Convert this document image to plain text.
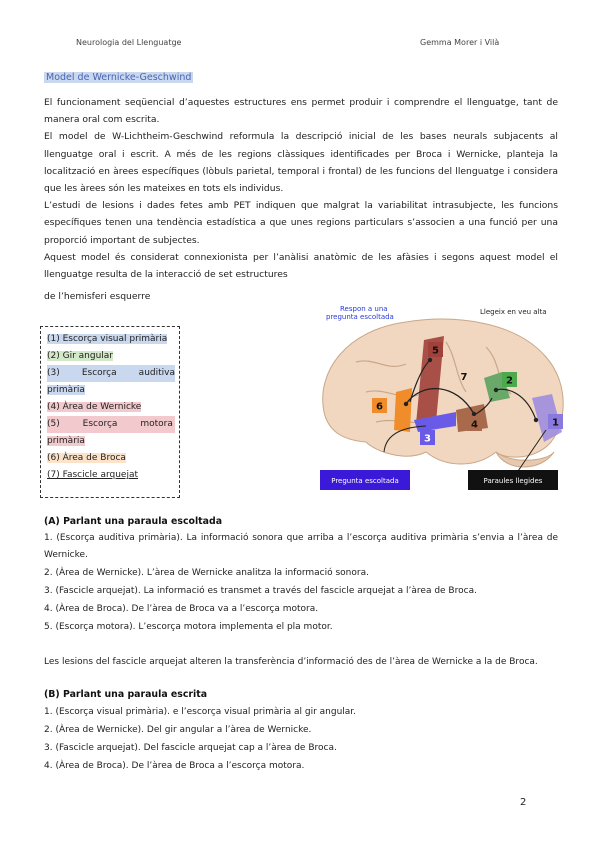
Neurologia del Llenguatge	Gemma Morer i Vilà
Model de Wernicke-Geschwind

El funcionament seqüencial d’aquestes estructures ens permet produir i comprendre el llenguatge, tant de manera oral com escrita.

El model de W-Lichtheim-Geschwind reformula la descripció inicial de les bases neurals subjacents al llenguatge oral i escrit. A més de les regions clàssiques identificades per Broca i Wernicke, planteja la localització en àrees específiques (lòbuls parietal, temporal i frontal) de les funcions del llenguatge i considera que les àrees són les mateixes en tots els individus.

L’estudi de lesions i dades fetes amb PET indiquen que malgrat la variabilitat intrasubjecte, les funcions específiques tenen una tendència estadística a que unes regions particulars s’associen a una funció per una proporció important de subjectes.

Aquest model és considerat connexionista per l’anàlisi anatòmic de les afàsies i segons aquest model el llenguatge resulta de la interacció de set estructures

de l’hemisferi esquerre
(1) Escorça visual primària
(2) Gir angular
(3)      Escorça      auditiva
primària
(4) Àrea de Wernicke
(5)        Escorça        motora
primària
(6) Àrea de Broca
(7) Fascicle arquejat
5
2
6
4	1
3
7
Respon a una
pregunta escoltada
Llegeix en veu alta
Pregunta escoltada	Paraules llegides
(A) Parlant una paraula escoltada
1. (Escorça auditiva primària). La informació sonora que arriba a l’escorça auditiva primària s’envia a l’àrea de Wernicke.
2. (Àrea de Wernicke). L’àrea de Wernicke analitza la informació sonora.
3. (Fascicle arquejat). La informació es transmet a través del fascicle arquejat a l’àrea de Broca.
4. (Àrea de Broca). De l’àrea de Broca va a l’escorça motora.
5. (Escorça motora). L’escorça motora implementa el pla motor.
Les lesions del fascicle arquejat alteren la transferència d’informació des de l’àrea de Wernicke a la de Broca.
(B) Parlant una paraula escrita
1. (Escorça visual primària). e l’escorça visual primària al gir angular.
2. (Àrea de Wernicke). Del gir angular a l’àrea de Wernicke.
3. (Fascicle arquejat). Del fascicle arquejat cap a l’àrea de Broca.
4. (Àrea de Broca). De l’àrea de Broca a l’escorça motora.
2
